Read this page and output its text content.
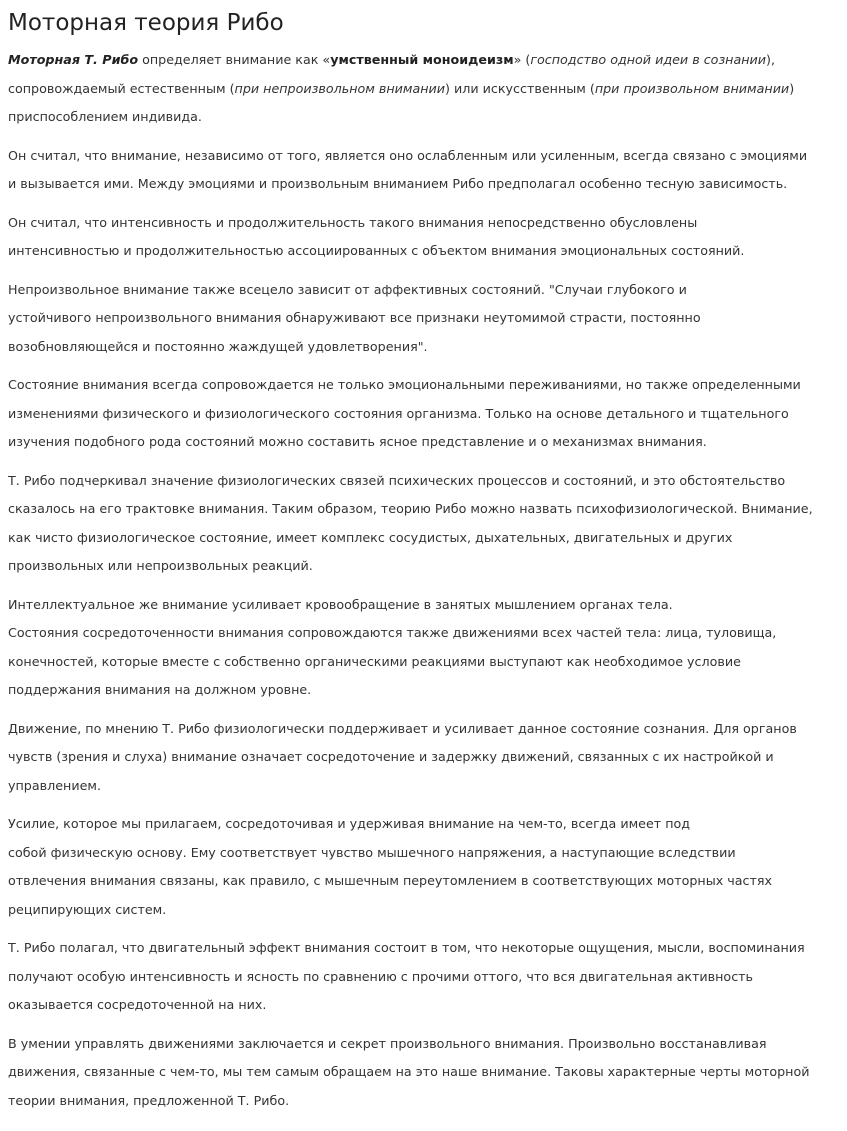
Моторная теория Рибо

Моторная Т. Рибо определяет внимание как «умственный моноидеизм» (господство одной идеи в сознании),
сопровождаемый естественным (при непроизвольном внимании) или искусственным (при произвольном внимании)
приспособлением индивида.

Он считал, что внимание, независимо от того, является оно ослабленным или усиленным, всегда связано с эмоциями
и вызывается ими. Между эмоциями и произвольным вниманием Рибо предполагал особенно тесную зависимость.

Он считал, что интенсивность и продолжительность такого внимания непосредственно обусловлены
интенсивностью и продолжительностью ассоциированных с объектом внимания эмоциональных состояний.

Непроизвольное внимание также всецело зависит от аффективных состояний. "Случаи глубокого и
устойчивого непроизвольного внимания обнаруживают все признаки неутомимой страсти, постоянно
возобновляющейся и постоянно жаждущей удовлетворения".

Состояние внимания всегда сопровождается не только эмоциональными переживаниями, но также определенными
изменениями физического и физиологического состояния организма. Только на основе детального и тщательного
изучения подобного рода состояний можно составить ясное представление и о механизмах внимания.

Т. Рибо подчеркивал значение физиологических связей психических процессов и состояний, и это обстоятельство
сказалось на его трактовке внимания. Таким образом, теорию Рибо можно назвать психофизиологической. Внимание,
как чисто физиологическое состояние, имеет комплекс сосудистых, дыхательных, двигательных и других
произвольных или непроизвольных реакций.

Интеллектуальное же внимание усиливает кровообращение в занятых мышлением органах тела.
Состояния сосредоточенности внимания сопровождаются также движениями всех частей тела: лица, туловища,
конечностей, которые вместе с собственно органическими реакциями выступают как необходимое условие
поддержания внимания на должном уровне.

Движение, по мнению Т. Рибо физиологически поддерживает и усиливает данное состояние сознания. Для органов
чувств (зрения и слуха) внимание означает сосредоточение и задержку движений, связанных с их настройкой и
управлением.

Усилие, которое мы прилагаем, сосредоточивая и удерживая внимание на чем-то, всегда имеет под
собой физическую основу. Ему соответствует чувство мышечного напряжения, а наступающие вследствии
отвлечения внимания связаны, как правило, с мышечным переутомлением в соответствующих моторных частях
реципирующих систем.

Т. Рибо полагал, что двигательный эффект внимания состоит в том, что некоторые ощущения, мысли, воспоминания
получают особую интенсивность и ясность по сравнению с прочими оттого, что вся двигательная активность
оказывается сосредоточенной на них.

В умении управлять движениями заключается и секрет произвольного внимания. Произвольно восстанавливая
движения, связанные с чем-то, мы тем самым обращаем на это наше внимание. Таковы характерные черты моторной
теории внимания, предложенной Т. Рибо.
